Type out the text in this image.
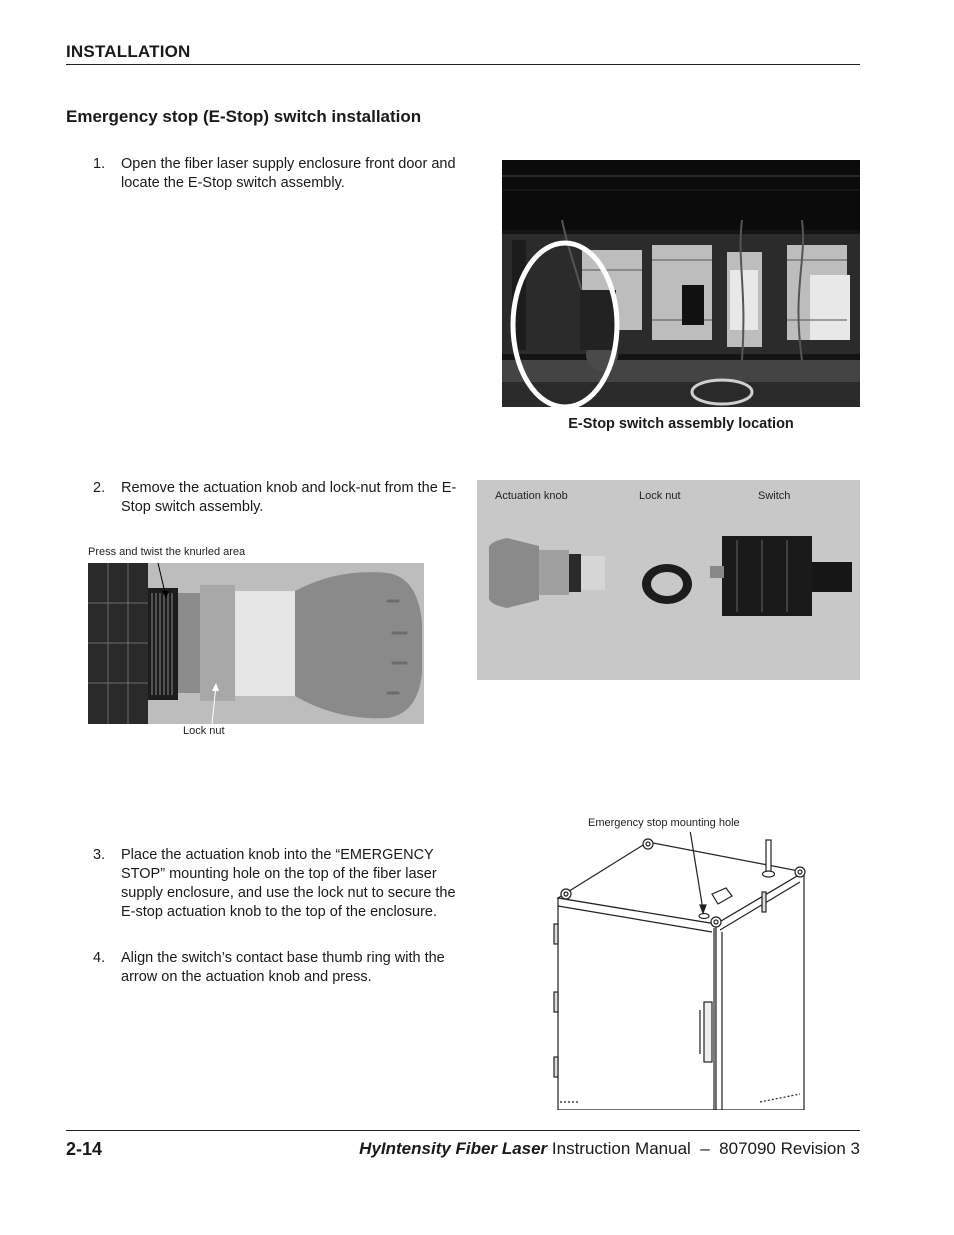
INSTALLATION
Emergency stop (E-Stop) switch installation
1. Open the fiber laser supply enclosure front door and locate the E-Stop switch assembly.
E-Stop switch assembly location
2. Remove the actuation knob and lock-nut from the E-Stop switch assembly.
Actuation knob	Lock nut	Switch
Press and twist the knurled area
Lock nut
3. Place the actuation knob into the “EMERGENCY STOP” mounting hole on the top of the fiber laser supply enclosure, and use the lock nut to secure the E-stop actuation knob to the top of the enclosure.
4. Align the switch’s contact base thumb ring with the arrow on the actuation knob and press.
Emergency stop mounting hole
2-14	HyIntensity Fiber Laser Instruction Manual  –  807090 Revision 3
